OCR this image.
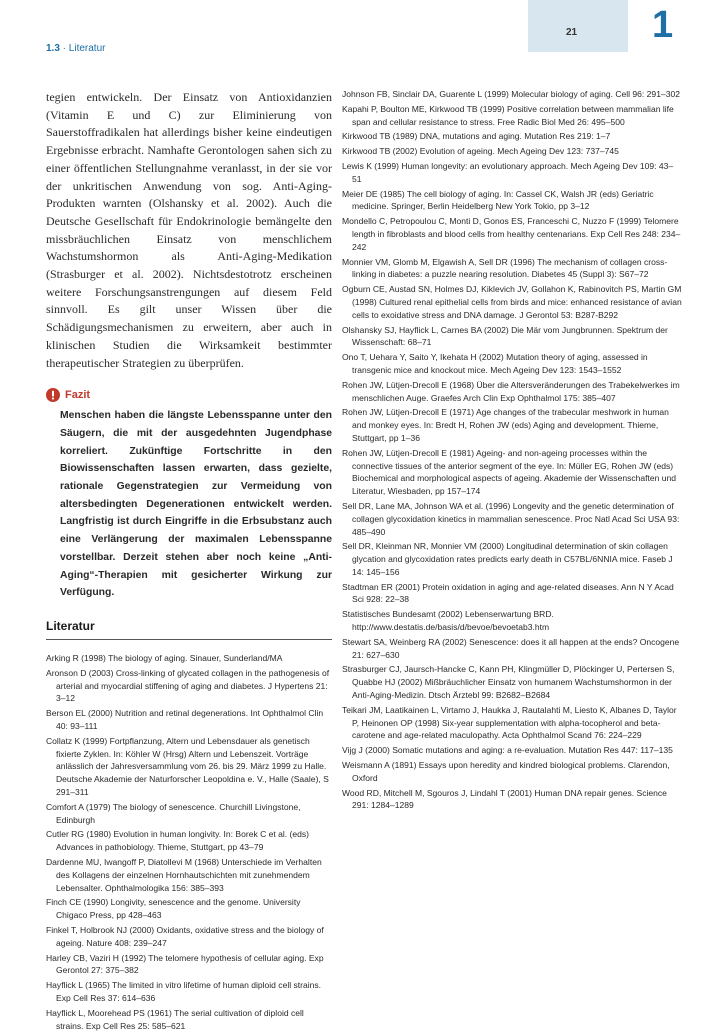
21 1
1.3 · Literatur

tegien entwickeln. Der Einsatz von Antioxidanzien (Vitamin E und C) zur Eliminierung von Sauerstoffradikalen hat allerdings bisher keine eindeutigen Ergebnisse erbracht. Namhafte Gerontologen sahen sich zu einer öffentlichen Stellungnahme veranlasst, in der sie vor der unkritischen Anwendung von sog. Anti-Aging-Produkten warnten (Olshansky et al. 2002). Auch die Deutsche Gesellschaft für Endokrinologie bemängelte den missbräuchlichen Einsatz von menschlichem Wachstumshormon als Anti-Aging-Medikation (Strasburger et al. 2002). Nichtsdestotrotz erscheinen weitere Forschungsanstrengungen auf diesem Feld sinnvoll. Es gilt unser Wissen über die Schädigungsmechanismen zu erweitern, aber auch in klinischen Studien die Wirksamkeit bestimmter therapeutischer Strategien zu überprüfen.

Fazit

Menschen haben die längste Lebensspanne unter den Säugern, die mit der ausgedehnten Jugendphase korreliert. Zukünftige Fortschritte in den Biowissenschaften lassen erwarten, dass gezielte, rationale Gegenstrategien zur Vermeidung von altersbedingten Degenerationen entwickelt werden. Langfristig ist durch Eingriffe in die Erbsubstanz auch eine Verlängerung der maximalen Lebensspanne vorstellbar. Derzeit stehen aber noch keine „Anti-Aging“-Therapien mit gesicherter Wirkung zur Verfügung.

Literatur
Arking R (1998) The biology of aging. Sinauer, Sunderland/MA
Aronson D (2003) Cross-linking of glycated collagen in the pathogenesis of arterial and myocardial stiffening of aging and diabetes. J Hypertens 21: 3–12
Berson EL (2000) Nutrition and retinal degenerations. Int Ophthalmol Clin 40: 93–111
Collatz K (1999) Fortpflanzung, Altern und Lebensdauer als genetisch fixierte Zyklen. In: Köhler W (Hrsg) Altern und Lebenszeit. Vorträge anlässlich der Jahresversammlung vom 26. bis 29. März 1999 zu Halle. Deutsche Akademie der Naturforscher Leopoldina e. V., Halle (Saale), S 291–311
Comfort A (1979) The biology of senescence. Churchill Livingstone, Edinburgh
Cutler RG (1980) Evolution in human longivity. In: Borek C et al. (eds) Advances in pathobiology. Thieme, Stuttgart, pp 43–79
Dardenne MU, Iwangoff P, Diatollevi M (1968) Unterschiede im Verhalten des Kollagens der einzelnen Hornhautschichten mit zunehmendem Lebensalter. Ophthalmologika 156: 385–393
Finch CE (1990) Longivity, senescence and the genome. University Chigaco Press, pp 428–463
Finkel T, Holbrook NJ (2000) Oxidants, oxidative stress and the biology of ageing. Nature 408: 239–247
Harley CB, Vaziri H (1992) The telomere hypothesis of cellular aging. Exp Gerontol 27: 375–382
Hayflick L (1965) The limited in vitro lifetime of human diploid cell strains. Exp Cell Res 37: 614–636
Hayflick L, Moorehead PS (1961) The serial cultivation of diploid cell strains. Exp Cell Res 25: 585–621
Johnson FB, Sinclair DA, Guarente L (1999) Molecular biology of aging. Cell 96: 291–302
Kapahi P, Boulton ME, Kirkwood TB (1999) Positive correlation between mammalian life span and cellular resistance to stress. Free Radic Biol Med 26: 495–500
Kirkwood TB (1989) DNA, mutations and aging. Mutation Res 219: 1–7
Kirkwood TB (2002) Evolution of ageing. Mech Ageing Dev 123: 737–745
Lewis K (1999) Human longevity: an evolutionary approach. Mech Ageing Dev 109: 43–51
Meier DE (1985) The cell biology of aging. In: Cassel CK, Walsh JR (eds) Geriatric medicine. Springer, Berlin Heidelberg New York Tokio, pp 3–12
Mondello C, Petropoulou C, Monti D, Gonos ES, Franceschi C, Nuzzo F (1999) Telomere length in fibroblasts and blood cells from healthy centenarians. Exp Cell Res 248: 234–242
Monnier VM, Glomb M, Elgawish A, Sell DR (1996) The mechanism of collagen cross-linking in diabetes: a puzzle nearing resolution. Diabetes 45 (Suppl 3): S67–72
Ogburn CE, Austad SN, Holmes DJ, Kiklevich JV, Gollahon K, Rabinovitch PS, Martin GM (1998) Cultured renal epithelial cells from birds and mice: enhanced resistance of avian cells to exoidative stress and DNA damage. J Gerontol 53: B287-B292
Olshansky SJ, Hayflick L, Carnes BA (2002) Die Mär vom Jungbrunnen. Spektrum der Wissenschaft: 68–71
Ono T, Uehara Y, Saito Y, Ikehata H (2002) Mutation theory of aging, assessed in transgenic mice and knockout mice. Mech Ageing Dev 123: 1543–1552
Rohen JW, Lütjen-Drecoll E (1968) Über die Altersveränderungen des Trabekelwerkes im menschlichen Auge. Graefes Arch Clin Exp Ophthalmol 175: 385–407
Rohen JW, Lütjen-Drecoll E (1971) Age changes of the trabecular meshwork in human and monkey eyes. In: Bredt H, Rohen JW (eds) Aging and development. Thieme, Stuttgart, pp 1–36
Rohen JW, Lütjen-Drecoll E (1981) Ageing- and non-ageing processes within the connective tissues of the anterior segment of the eye. In: Müller EG, Rohen JW (eds) Biochemical and morphological aspects of ageing. Akademie der Wissenschaften und Literatur, Wiesbaden, pp 157–174
Sell DR, Lane MA, Johnson WA et al. (1996) Longevity and the genetic determination of collagen glycoxidation kinetics in mammalian senescence. Proc Natl Acad Sci USA 93: 485–490
Sell DR, Kleinman NR, Monnier VM (2000) Longitudinal determination of skin collagen glycation and glycoxidation rates predicts early death in C57BL/6NNIA mice. Faseb J 14: 145–156
Stadtman ER (2001) Protein oxidation in aging and age-related diseases. Ann N Y Acad Sci 928: 22–38
Statistisches Bundesamt (2002) Lebenserwartung BRD. http://www.destatis.de/basis/d/bevoe/bevoetab3.htm
Stewart SA, Weinberg RA (2002) Senescence: does it all happen at the ends? Oncogene 21: 627–630
Strasburger CJ, Jaursch-Hancke C, Kann PH, Klingmüller D, Plöckinger U, Pertersen S, Quabbe HJ (2002) Mißbräuchlicher Einsatz von humanem Wachstumshormon in der Anti-Aging-Medizin. Dtsch Ärztebl 99: B2682–B2684
Teikari JM, Laatikainen L, Virtamo J, Haukka J, Rautalahti M, Liesto K, Albanes D, Taylor P, Heinonen OP (1998) Six-year supplementation with alpha-tocopherol and beta-carotene and age-related maculopathy. Acta Ophthalmol Scand 76: 224–229
Vijg J (2000) Somatic mutations and aging: a re-evaluation. Mutation Res 447: 117–135
Weismann A (1891) Essays upon heredity and kindred biological problems. Clarendon, Oxford
Wood RD, Mitchell M, Sgouros J, Lindahl T (2001) Human DNA repair genes. Science 291: 1284–1289
